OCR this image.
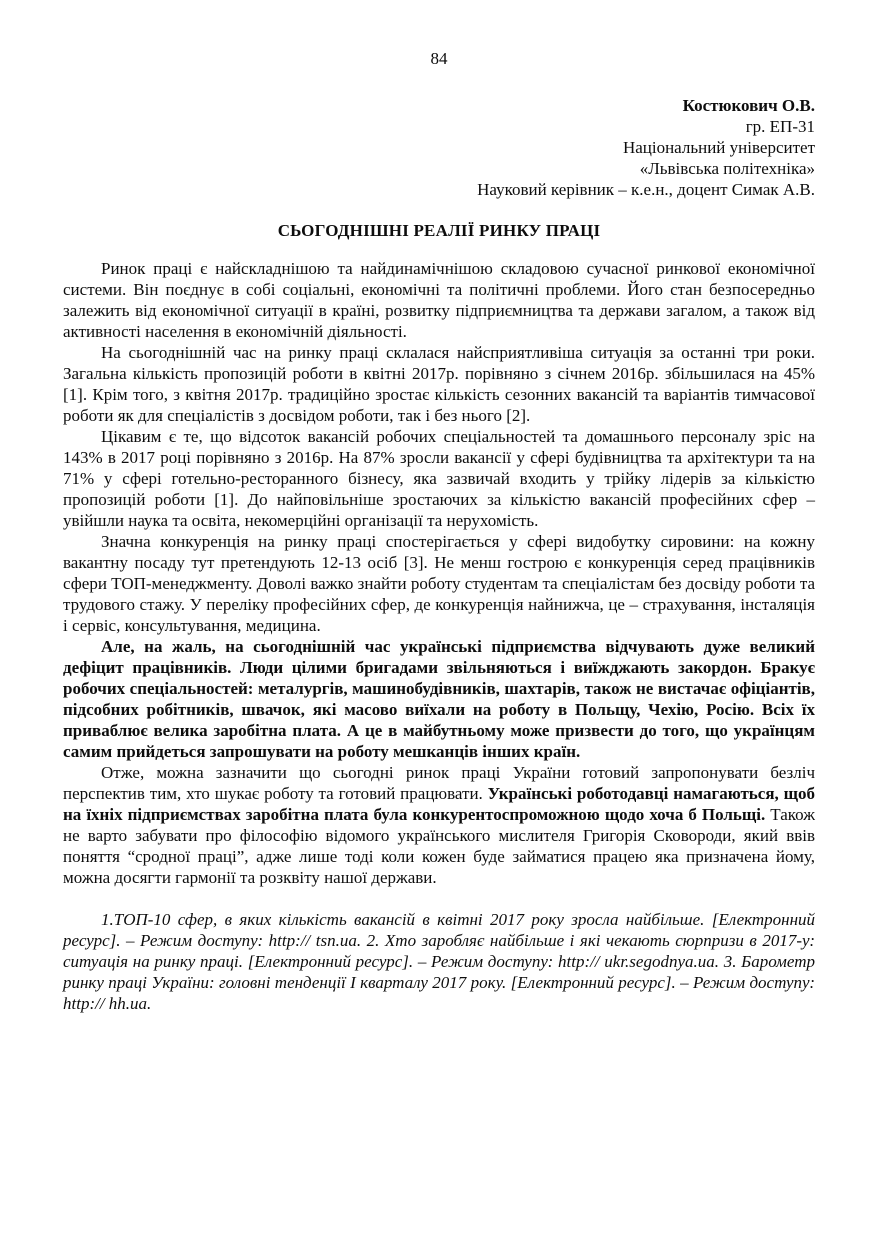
84
Костюкович О.В.
гр. ЕП-31
Національний університет
«Львівська політехніка»
Науковий керівник – к.е.н., доцент Симак А.В.
СЬОГОДНІШНІ РЕАЛІЇ РИНКУ ПРАЦІ

Ринок праці є найскладнішою та найдинамічнішою складовою сучасної ринкової економічної системи. Він поєднує в собі соціальні, економічні та політичні проблеми. Його стан безпосередньо залежить від економічної ситуації в країні, розвитку підприємництва та держави загалом, а також від активності населення в економічній діяльності.

На сьогоднішній час на ринку праці склалася найсприятливіша ситуація за останні три роки. Загальна кількість пропозицій роботи в квітні 2017р. порівняно з січнем 2016р. збільшилася на 45% [1]. Крім того, з квітня 2017р. традиційно зростає кількість сезонних вакансій та варіантів тимчасової роботи як для спеціалістів з досвідом роботи, так і без нього [2].

Цікавим є те, що відсоток вакансій робочих спеціальностей та домашнього персоналу зріс на 143% в 2017 році порівняно з 2016р. На 87% зросли вакансії у сфері будівництва та архітектури та на 71% у сфері готельно-ресторанного бізнесу, яка зазвичай входить у трійку лідерів за кількістю пропозицій роботи [1]. До найповільніше зростаючих за кількістю вакансій професійних сфер – увійшли наука та освіта, некомерційні організації та нерухомість.

Значна конкуренція на ринку праці спостерігається у сфері видобутку сировини: на кожну вакантну посаду тут претендують 12-13 осіб [3]. Не менш гострою є конкуренція серед працівників сфери ТОП-менеджменту. Доволі важко знайти роботу студентам та спеціалістам без досвіду роботи та трудового стажу. У переліку професійних сфер, де конкуренція найнижча, це – страхування, інсталяція і сервіс, консультування, медицина.

Але, на жаль, на сьогоднішній час українські підприємства відчувають дуже великий дефіцит працівників. Люди цілими бригадами звільняються і виїжджають закордон. Бракує робочих спеціальностей: металургів, машинобудівників, шахтарів, також не вистачає офіціантів, підсобних робітників, швачок, які масово виїхали на роботу в Польщу, Чехію, Росію. Всіх їх приваблює велика заробітна плата. А це в майбутньому може призвести до того, що українцям самим прийдеться запрошувати на роботу мешканців інших країн.

Отже, можна зазначити що сьогодні ринок праці України готовий запропонувати безліч перспектив тим, хто шукає роботу та готовий працювати. Українські роботодавці намагаються, щоб на їхніх підприємствах заробітна плата була конкурентоспроможною щодо хоча б Польщі. Також не варто забувати про філософію відомого українського мислителя Григорія Сковороди, який ввів поняття “сродної праці”, адже лише тоді коли кожен буде займатися працею яка призначена йому, можна досягти гармонії та розквіту нашої держави.

1.ТОП-10 сфер, в яких кількість вакансій в квітні 2017 року зросла найбільше. [Електронний ресурс]. – Режим доступу: http:// tsn.ua. 2. Хто заробляє найбільше і які чекають сюрпризи в 2017-у: ситуація на ринку праці. [Електронний ресурс]. – Режим доступу: http:// ukr.segodnya.ua. 3. Барометр ринку праці України: головні тенденції І кварталу 2017 року. [Електронний ресурс]. – Режим доступу: http:// hh.ua.
